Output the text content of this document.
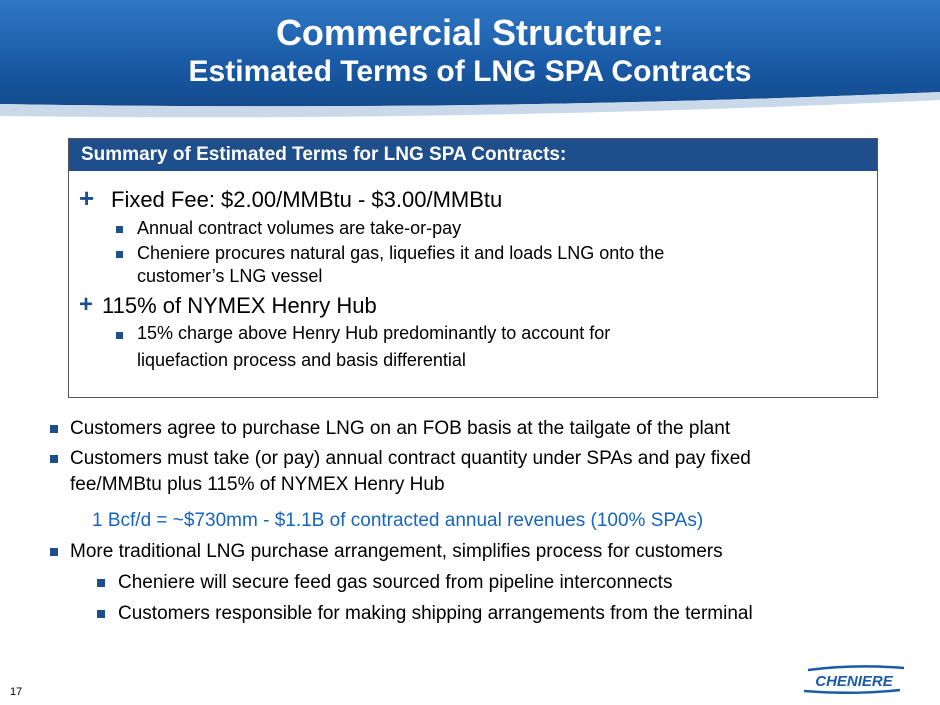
Commercial Structure:
Estimated Terms of LNG SPA Contracts
Summary of Estimated Terms for LNG SPA Contracts:
+ Fixed Fee: $2.00/MMBtu - $3.00/MMBtu
Annual contract volumes are take-or-pay
Cheniere procures natural gas, liquefies it and loads LNG onto the
customer’s LNG vessel
+ 115% of NYMEX Henry Hub
15% charge above Henry Hub predominantly to account for
liquefaction process and basis differential
Customers agree to purchase LNG on an FOB basis at the tailgate of the plant
Customers must take (or pay) annual contract quantity under SPAs and pay fixed
fee/MMBtu plus 115% of NYMEX Henry Hub
1 Bcf/d = ~$730mm - $1.1B of contracted annual revenues (100% SPAs)
More traditional LNG purchase arrangement, simplifies process for customers
Cheniere will secure feed gas sourced from pipeline interconnects
Customers responsible for making shipping arrangements from the terminal
17
CHENIERE
